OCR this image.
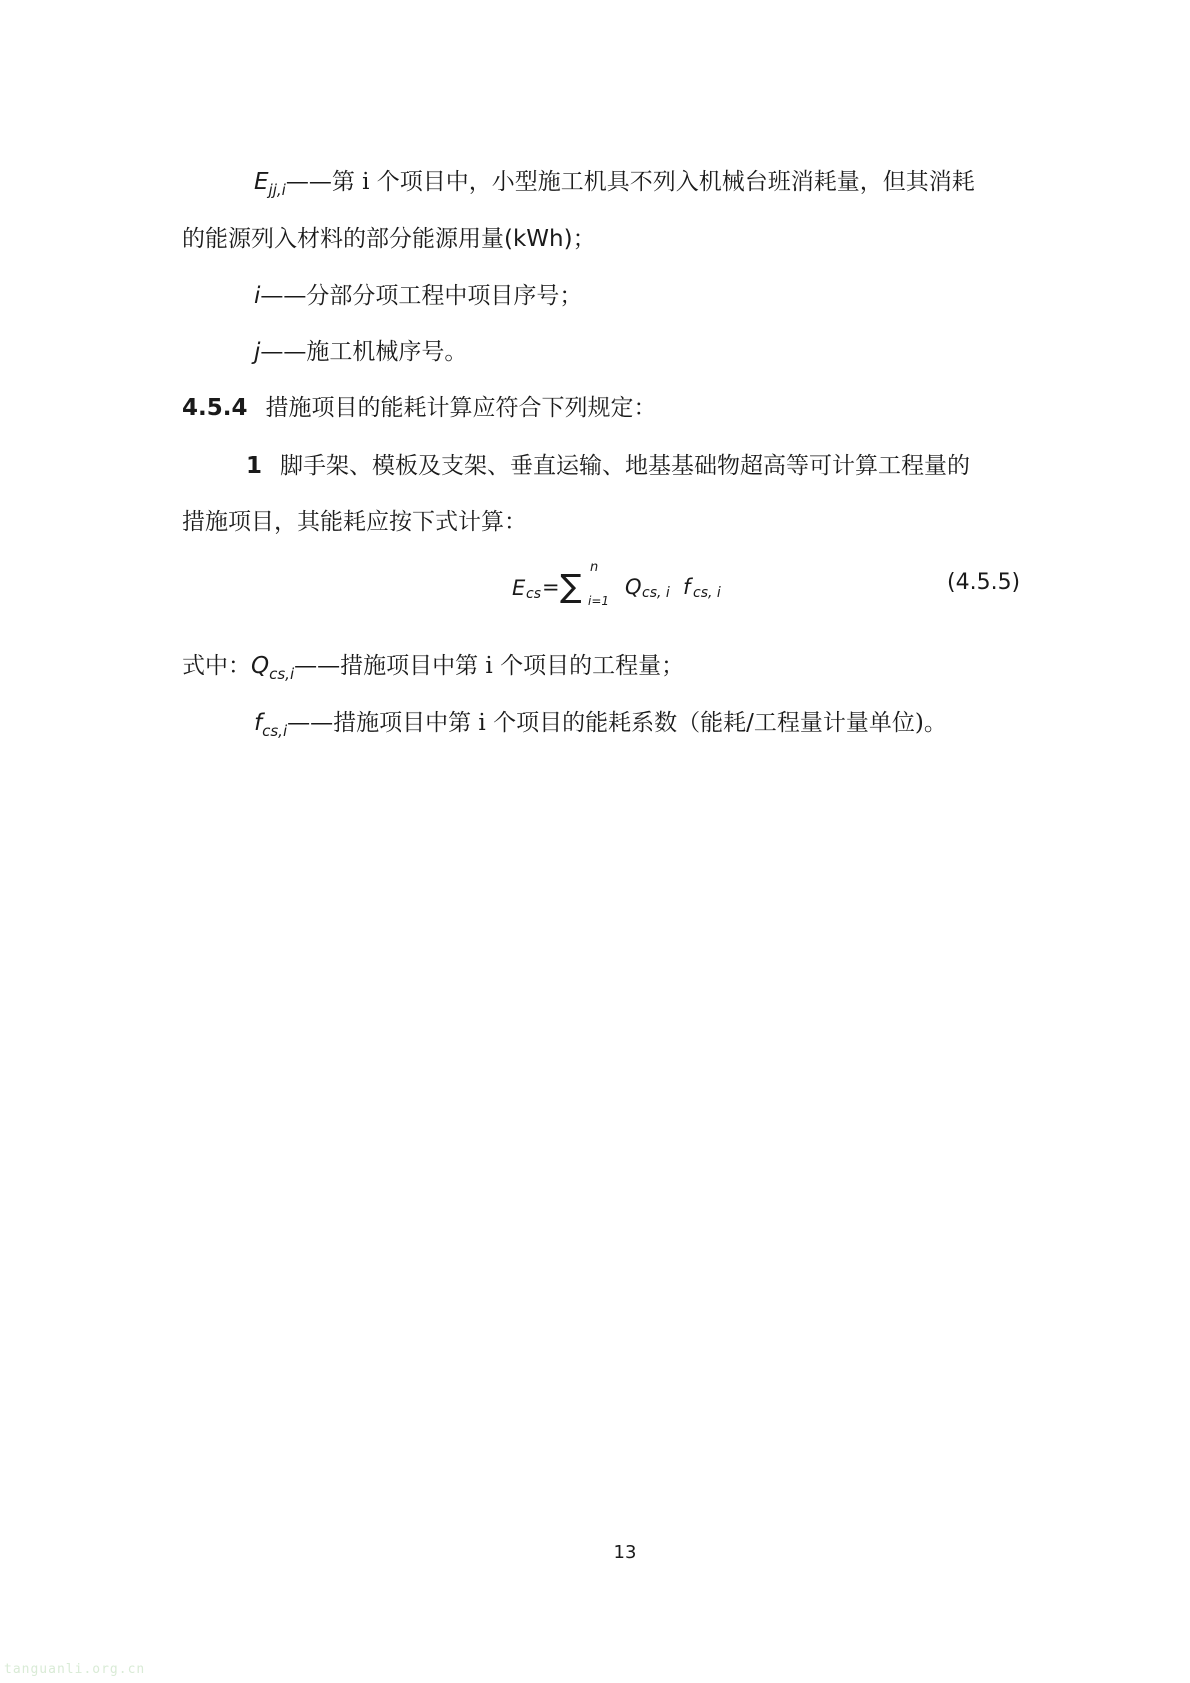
$E_{jj,i}——$第 i 个项目中，小型施工机具不列入机械台班消耗量，但其消耗
的能源列入材料的部分能源用量(kWh)；
i——分部分项工程中项目序号；
j——施工机械序号。
4.5.4 措施项目的能耗计算应符合下列规定：
1 脚手架、模板及支架、垂直运输、地基基础物超高等可计算工程量的
措施项目，其能耗应按下式计算：
E cs = ∑ n
i=1
Q cs, i f cs, i	(4.5.5)
式中：$Q_{cs,i}——$措施项目中第 i 个项目的工程量；
$f_{cs,i}——$措施项目中第 i 个项目的能耗系数（能耗/工程量计量单位)。
13
tanguanli.org.cn
